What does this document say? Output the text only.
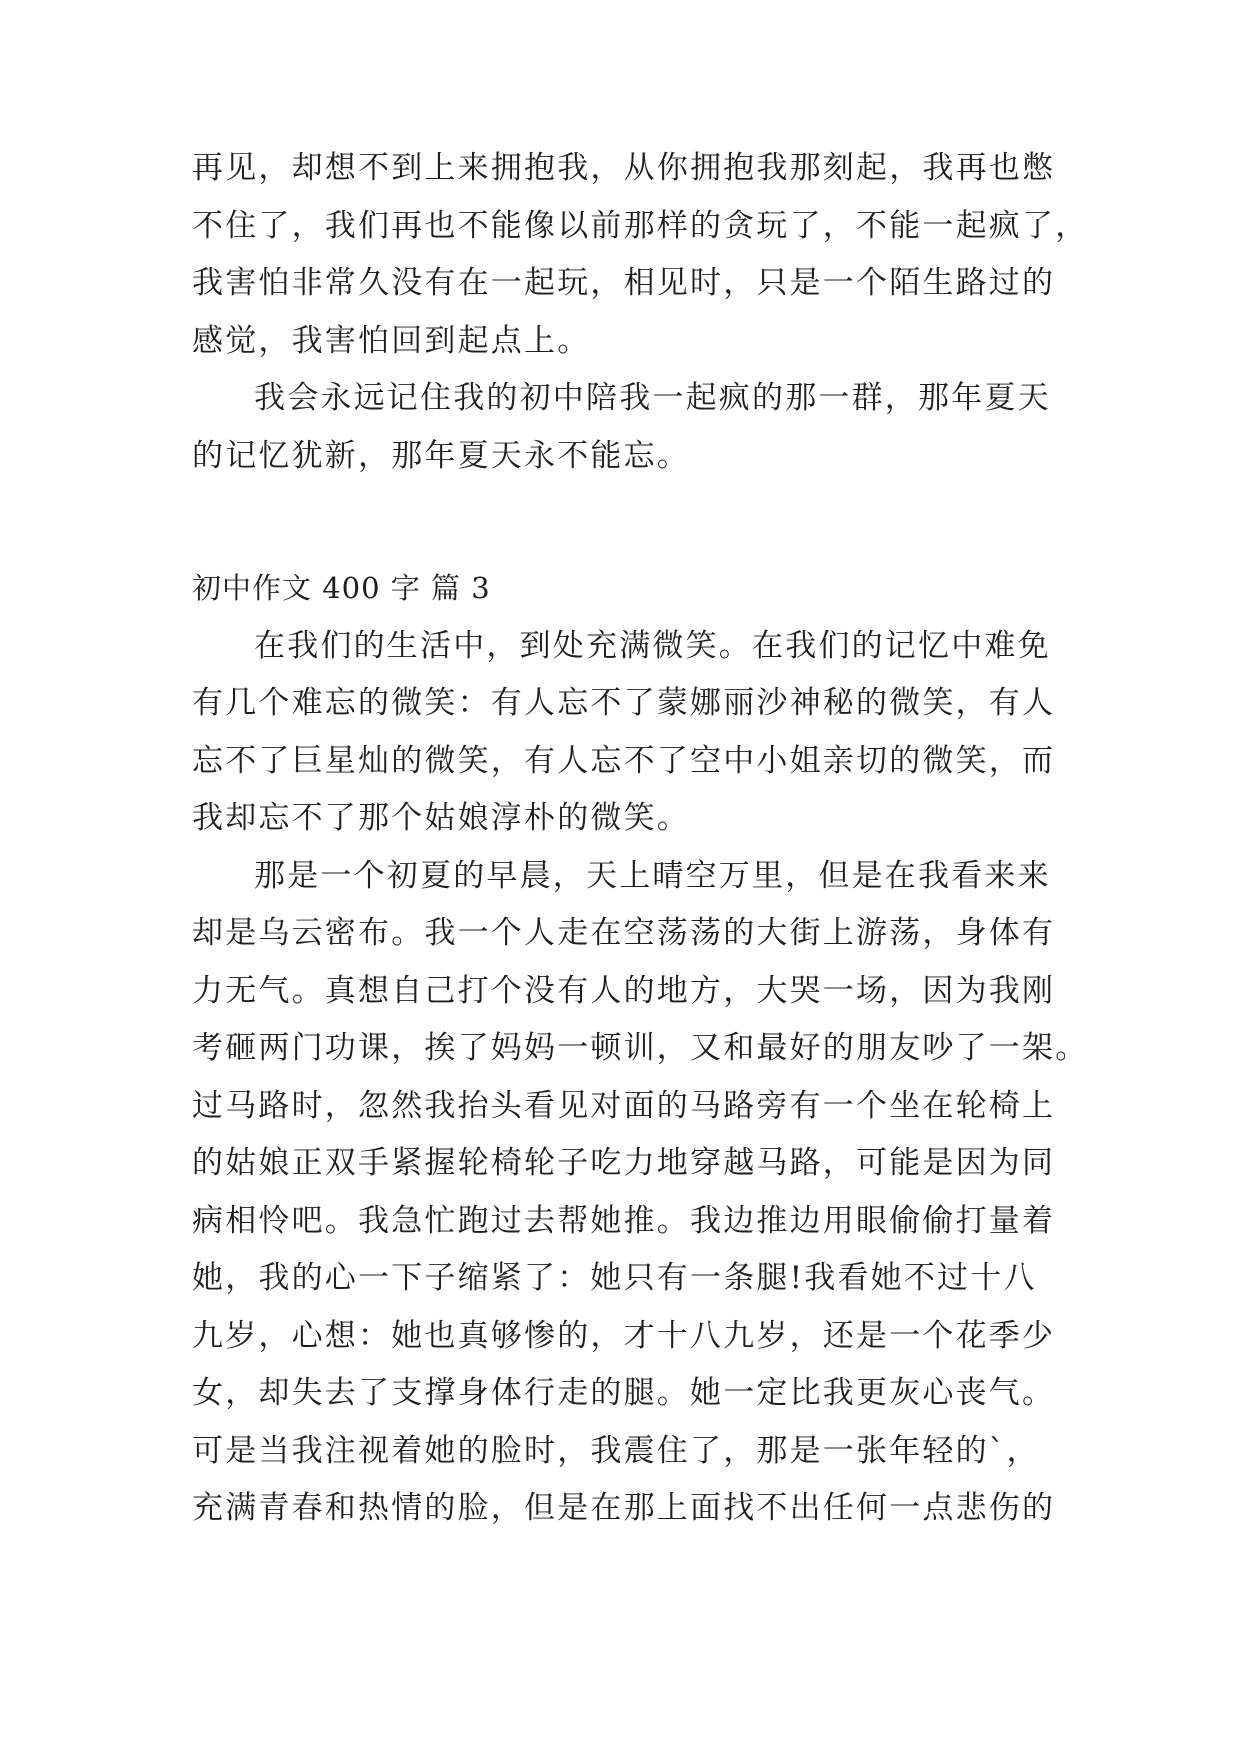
再见，却想不到上来拥抱我，从你拥抱我那刻起，我再也憋

不住了，我们再也不能像以前那样的贪玩了，不能一起疯了，

我害怕非常久没有在一起玩，相见时，只是一个陌生路过的

感觉，我害怕回到起点上。

我会永远记住我的初中陪我一起疯的那一群，那年夏天

的记忆犹新，那年夏天永不能忘。

初中作文 400 字 篇 3

在我们的生活中，到处充满微笑。在我们的记忆中难免

有几个难忘的微笑：有人忘不了蒙娜丽沙神秘的微笑，有人

忘不了巨星灿的微笑，有人忘不了空中小姐亲切的微笑，而

我却忘不了那个姑娘淳朴的微笑。

那是一个初夏的早晨，天上晴空万里，但是在我看来来

却是乌云密布。我一个人走在空荡荡的大街上游荡，身体有

力无气。真想自己打个没有人的地方，大哭一场，因为我刚

考砸两门功课，挨了妈妈一顿训，又和最好的朋友吵了一架。

过马路时，忽然我抬头看见对面的马路旁有一个坐在轮椅上

的姑娘正双手紧握轮椅轮子吃力地穿越马路，可能是因为同

病相怜吧。我急忙跑过去帮她推。我边推边用眼偷偷打量着

她，我的心一下子缩紧了：她只有一条腿!我看她不过十八

九岁，心想：她也真够惨的，才十八九岁，还是一个花季少

女，却失去了支撑身体行走的腿。她一定比我更灰心丧气。

可是当我注视着她的脸时，我震住了，那是一张年轻的`，

充满青春和热情的脸，但是在那上面找不出任何一点悲伤的
